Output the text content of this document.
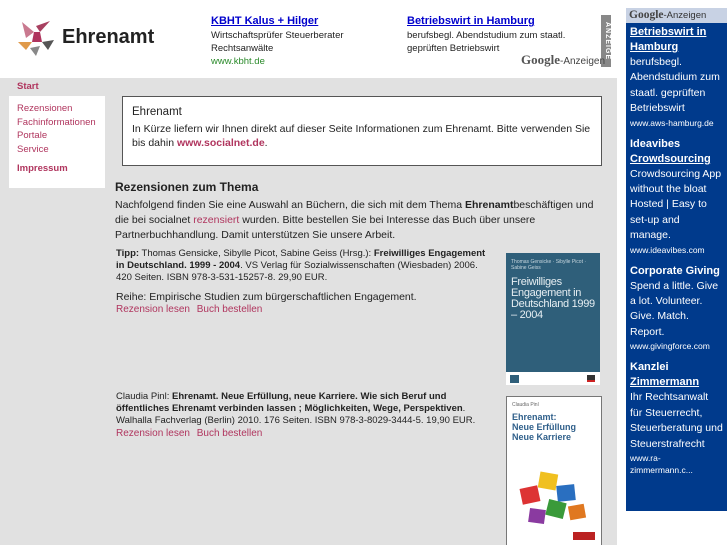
Ehrenamt
KBHT Kalus + Hilger
Wirtschaftsprüfer Steuerberater Rechtsanwälte
www.kbht.de
Betriebswirt in Hamburg
berufsbegl. Abendstudium zum staatl. geprüften Betriebswirt	ANZEIGE
Google-Anzeigen
Start
Rezensionen
Fachinformationen
Portale
Service
Impressum
Ehrenamt

In Kürze liefern wir Ihnen direkt auf dieser Seite Informationen zum Ehrenamt. Bitte verwenden Sie bis dahin www.socialnet.de.

Rezensionen zum Thema
Nachfolgend finden Sie eine Auswahl an Büchern, die sich mit dem Thema Ehrenamtbeschäftigen und die bei socialnet rezensiert wurden. Bitte bestellen Sie bei Interesse das Buch über unsere Partnerbuchhandlung. Damit unterstützen Sie unsere Arbeit.
Tipp: Thomas Gensicke, Sibylle Picot, Sabine Geiss (Hrsg.): Freiwilliges Engagement in Deutschland. 1999 - 2004. VS Verlag für Sozialwissenschaften (Wiesbaden) 2006. 420 Seiten. ISBN 978-3-531-15257-8. 29,90 EUR.
Reihe: Empirische Studien zum bürgerschaftlichen Engagement.
Rezension lesen Buch bestellen
Thomas Gensicke · Sibylle Picot · Sabine Geiss
Freiwilliges Engagement in Deutschland 1999 – 2004
Claudia Pinl: Ehrenamt. Neue Erfüllung, neue Karriere. Wie sich Beruf und öffentliches Ehrenamt verbinden lassen ; Möglichkeiten, Wege, Perspektiven. Walhalla Fachverlag (Berlin) 2010. 176 Seiten. ISBN 978-3-8029-3444-5. 19,90 EUR.
Rezension lesen Buch bestellen
Claudia Pinl
Ehrenamt:
Neue Erfüllung
Neue Karriere
Google-Anzeigen
Betriebswirt in Hamburg
berufsbegl. Abendstudium zum staatl. geprüften Betriebswirt
www.aws-hamburg.de
Ideavibes
Crowdsourcing
Crowdsourcing App without the bloat Hosted | Easy to set-up and manage.
www.ideavibes.com
Corporate Giving
Spend a little. Give a lot. Volunteer. Give. Match. Report.
www.givingforce.com
Kanzlei
Zimmermann
Ihr Rechtsanwalt für Steuerrecht, Steuerberatung und Steuerstrafrecht
www.ra-zimmermann.c...
